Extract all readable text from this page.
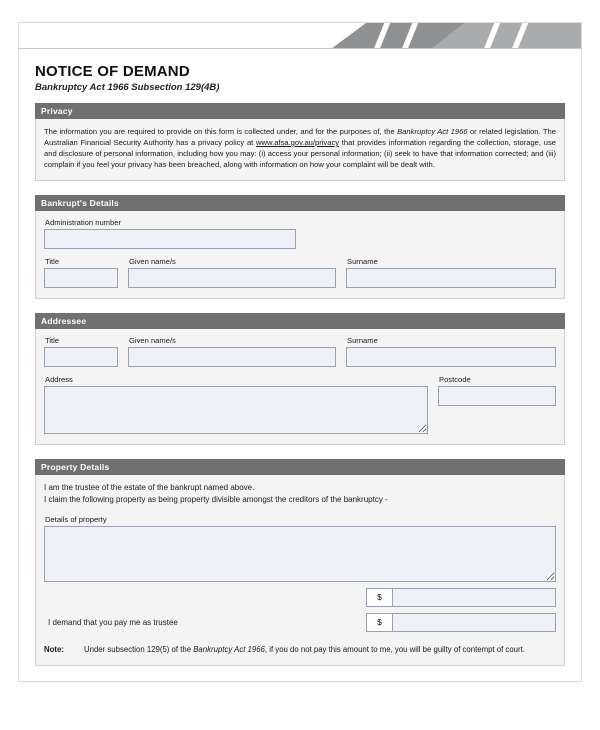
NOTICE OF DEMAND
Bankruptcy Act 1966 Subsection 129(4B)
Privacy
The information you are required to provide on this form is collected under, and for the purposes of, the Bankruptcy Act 1966 or related legislation. The Australian Financial Security Authority has a privacy policy at www.afsa.gov.au/privacy that provides information regarding the collection, storage, use and disclosure of personal information, including how you may: (i) access your personal information; (ii) seek to have that information corrected; and (iii) complain if you feel your privacy has been breached, along with information on how your complaint will be dealt with.
Bankrupt's Details
Administration number
Title	Given name/s	Surname
Addressee
Title	Given name/s	Surname
Address	Postcode
Property Details
I am the trustee of the estate of the bankrupt named above.
I claim the following property as being property divisible amongst the creditors of the bankruptcy -
Details of property

$
I demand that you pay me as trustee	$
Note:	Under subsection 129(5) of the Bankruptcy Act 1966, if you do not pay this amount to me, you will be guilty of contempt of court.
